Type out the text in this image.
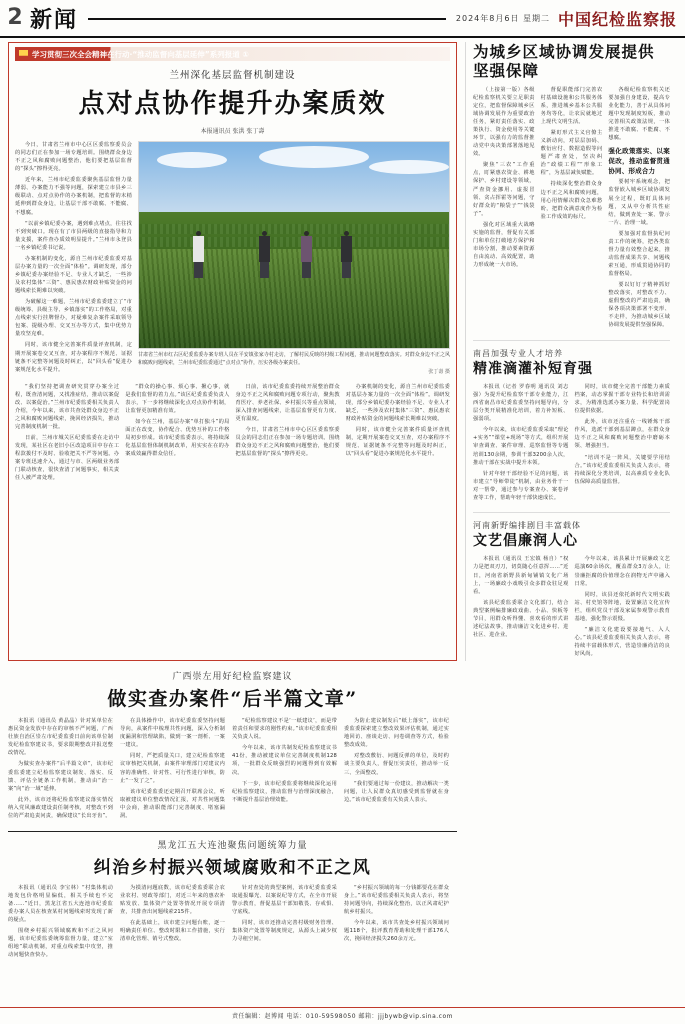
2 新闻	2024年8月6日 星期二 中国纪检监察报
学习贯彻三次全会精神在行动·“推动监督向基层延伸”系列报道 ①
兰州深化基层监督机制建设
点对点协作提升办案质效
本报通讯员 张洪 张丁壽

今日，甘肃省兰州市中心区区委监察委员会的同志们正在参加一场专题培训。围绕群众身边不正之风和腐败问题整治，他们要把基层监督的“探头”擦得更亮。

近年来，兰州市纪委监委聚焦基层监督力量薄弱、办案能力不强等问题，探索建立市县乡三级联动、点对点协作的办案机制，把监督的末梢延伸到群众身边，让基层干部不敢腐、不能腐、不想腐。

“以前乡镇纪委办案，遇到难点堵点，往往找不到突破口。现在有了市县两级的直接指导和力量支援，案件查办质效明显提升。”兰州市永登县一名乡镇纪委书记说。

办案机制的变化，源自兰州市纪委监委对基层办案力量的一次全面“体检”。调研发现，部分乡镇纪委办案经验不足、专业人才缺乏，一些涉及农村集体“三资”、惠民惠农财政补贴资金的问题线索长期难以突破。

为破解这一难题，兰州市纪委监委建立了“市级统筹、县级主导、乡镇落实”的工作格局，对重点线索实行挂牌督办，对疑难复杂案件采取领导包案、提级办理、交叉互办等方式，集中优势力量攻坚克难。

同时，该市健全完善案件质量评查机制，定期开展案卷交叉互查，对办案程序不规范、证据链条不完整等问题及时纠正，以“回头看”促进办案规范化水平提升。

甘肃省兰州市红古区纪委监委办案专班人员在平安镇张家寺村走访，了解村民反映的村级工程问题，推动问题整改落实。对群众身边不正之风和腐败问题线索，兰州市纪委监委通过“点对点”协作，压实各级办案责任。
张丁壽 摄

“我们坚持把调查研究贯穿办案全过程，既查清问题，又找准症结，推动以案促改、以案促治。”兰州市纪委监委相关负责人介绍，今年以来，该市共查处群众身边不正之风和腐败问题线索，挽回经济损失，推动完善制度机制一批。

日前，兰州市城关区纪委监委在走访中发现，某社区在老旧小区改造项目中存在工程款拨付不及时、验收把关不严等问题。办案专班迅速介入，通过与市、区两级业务部门联动核查，很快查清了问题事实，相关责任人被严肃处理。

“群众的操心事、烦心事、揪心事，就是我们监督的着力点。”该区纪委监委负责人表示，下一步将继续深化点对点协作机制，让监督更加精准有效。

如今在兰州，基层办案“单打独斗”的局面正在改变，协作配合、优势互补的工作格局初步形成。该市纪委监委表示，将持续深化基层监督体制机制改革，用实实在在的办案成效赢得群众信任。

日前，该市纪委监委持续开展整治群众身边不正之风和腐败问题专项行动，聚焦教育医疗、养老社保、乡村振兴等重点领域，深入排查问题线索，让基层监督更有力度、更有温度。

今日，甘肃省兰州市中心区区委监察委员会的同志们正在参加一场专题培训。围绕群众身边不正之风和腐败问题整治，他们要把基层监督的“探头”擦得更亮。

办案机制的变化，源自兰州市纪委监委对基层办案力量的一次全面“体检”。调研发现，部分乡镇纪委办案经验不足、专业人才缺乏，一些涉及农村集体“三资”、惠民惠农财政补贴资金的问题线索长期难以突破。

同时，该市健全完善案件质量评查机制，定期开展案卷交叉互查，对办案程序不规范、证据链条不完整等问题及时纠正，以“回头看”促进办案规范化水平提升。

为城乡区域协调发展提供坚强保障

（上接第一版）各级纪检监察机关要立足职责定位，把监督保障城乡区域协调发展作为重要政治任务，紧盯责任落实、政策执行、资金使用等关键环节，以强有力的监督推动党中央决策部署落地见效。

聚焦“三农”工作重点，盯紧惠农资金、耕地保护、乡村建设等领域，严查资金挪用、虚报冒领、贪占挥霍等问题，守好群众的“粮袋子”“钱袋子”。

强化对区域重大战略实施的监督，督促有关部门和单位打破地方保护和市场分割，推动要素资源自由流动、高效配置，助力形成统一大市场。

督促职能部门完善农村基础设施和公共服务体系，推进城乡基本公共服务均等化，让农民就地过上现代文明生活。

紧盯形式主义官僚主义新动向，对层层加码、敷衍应付、数据造假等问题严肃查处，坚决纠治“政绩工程”“形象工程”，为基层减负赋能。

持续深化整治群众身边不正之风和腐败问题，用心用情解决群众急难愁盼，把群众满意度作为检验工作成效的标尺。

各级纪检监察机关还要加强自身建设，提高专业化能力，善于从具体问题中发现制度短板，推动完善相关政策法规，一体推进不敢腐、不能腐、不想腐。

强化政策落实、以案促改，推动监督贯通协同、形成合力

要树牢系统观念，把监督嵌入城乡区域协调发展全过程，既盯具体问题，又从中分析共性症结，做到查处一案、警示一片、治理一域。

要加强对监督执纪问责工作的统筹，把各类监督力量有效整合起来，推动监督成果共享、问题线索互通，形成贯通协同的监督格局。

要以钉钉子精神抓好整改落实，对整改不力、虚假整改的严肃追责，确保各项决策部署不变形、不走样，为推动城乡区域协调发展提供坚强保障。

南昌加强专业人才培养
精准滴灌补短育强

本报讯（记者 罗春明 通讯员 刘志强）为提升纪检监察干部专业能力，江西省南昌市纪委监委坚持问题导向，分层分类开展精准化培训，着力补短板、强弱项。

今年以来，该市纪委监委采取“理论+实务”“课堂+现场”等方式，组织开展审查调查、案件审理、巡察监督等专题培训130余期，参训干部3200余人次，推动干部在实战中提升本领。

针对年轻干部经验不足的问题，该市建立“导师带徒”机制，由业务骨干一对一帮带，通过参与专案查办、案卷评查等工作，帮助年轻干部快速成长。

同时，该市健全完善干部能力素质档案，动态掌握干部专业特长和培训需求，为精准选派办案力量、科学配置岗位提供依据。

此外，该市还注重在一线锤炼干部作风，选派干部到基层蹲点，在群众身边不正之风和腐败问题整治中磨砺本领、增强担当。

“培训不是一阵风，关键要学用结合。”该市纪委监委相关负责人表示，将持续深化分类培训，以高素质专业化队伍保障高质量监督。

河南新野编排剧目丰富载体
文艺倡廉润人心

本报讯（通讯员 王宏镇 杨自）“权力是把双刃刀，切莫随心任意挥……”近日，河南省新野县新甸铺镇文化广场上，一场廉政小戏吸引众多群众驻足观看。

该县纪委监委联合文化部门，结合典型案例编排廉政戏曲、小品、快板等节目，用群众听得懂、喜欢看的形式讲述纪法故事，推动廉洁文化进乡村、进社区、进企业。

今年以来，该县累计开展廉政文艺巡演60余场次，覆盖群众3万余人，让崇廉拒腐的价值理念在润物无声中融入日常。

同时，该县还依托新时代文明实践站、村史馆等阵地，设置廉洁文化宣传栏，组织党员干部及家属参观警示教育基地，强化警示震慑。

“廉洁文化建设要接地气、入人心。”该县纪委监委相关负责人表示，将持续丰富载体形式，营造崇廉尚洁的良好风尚。

广西崇左用好纪检监察建议
做实查办案件“后半篇文章”

本报讯（通讯员 黄晶晶）针对某单位在惠民资金发放中存在的审核不严问题，广西壮族自治区崇左市纪委监委日前向该单位制发纪检监察建议书，要求限期整改并报送整改情况。

为做实查办案件“后半篇文章”，该市纪委监委建立纪检监察建议制发、落实、反馈、评估全链条工作机制，推动由“治一案”向“治一域”延伸。

此外，该市还将纪检监察建议落实情况纳入党风廉政建设责任制考核，对整改不到位的严肃追责问责，确保建议“长出牙齿”。

在具体操作中，该市纪委监委坚持问题导向，从案件中梳理共性问题，深入分析制度漏洞和管理缺陷，做到一案一剖析、一案一建议。

同时，严把质量关口，建立纪检监察建议审核把关机制，由案件审理部门对建议内容的准确性、针对性、可行性进行审核，防止“一发了之”。

该市纪委监委还定期召开联席会议，听取被建议单位整改情况汇报，对共性问题集中会商，推动职能部门完善制度、堵塞漏洞。

“纪检监察建议不是‘一纸建议’，而是带着责任和要求的刚性约束。”该市纪委监委相关负责人说。

今年以来，该市共制发纪检监察建议书41份，推动被建议单位完善制度机制128项，一批群众反映强烈的问题得到有效解决。

下一步，该市纪委监委将继续深化运用纪检监察建议，推动监督与治理深度融合，不断提升基层治理效能。

为防止建议制发后“纸上落实”，该市纪委监委探索建立整改效果评估机制，通过实地回访、座谈走访、问卷调查等方式，检验整改成效。

对整改敷衍、问题反弹的单位，及时约谈主要负责人，督促压实责任，推动举一反三、全面整改。

“我们要通过每一份建议，推动解决一类问题，让人民群众真切感受到监督就在身边。”该市纪委监委有关负责人表示。

黑龙江五大连池聚焦问题统筹力量
纠治乡村振兴领域腐败和不正之风

本报讯（通讯员 李宝林）“村集体机动地发包价格明显偏低，相关手续也不完备……”近日，黑龙江省五大连池市纪委监委办案人员在核查某村问题线索时发现了新的疑点。

围绕乡村振兴领域腐败和不正之风问题，该市纪委监委统筹监督力量，建立“室组地”联动机制，对重点线索集中攻坚，推动问题快查快办。

为摸清问题底数，该市纪委监委联合农业农村、财政等部门，对近三年来的惠农补贴发放、集体资产处置等情况开展专项清查，共排查出问题线索215件。

在此基础上，该市建立问题台账，逐一明确责任单位、整改时限和工作措施，实行清单化管理、销号式整改。

针对查处的典型案例，该市纪委监委采取通报曝光、以案说纪等方式，在全市开展警示教育，督促基层干部知敬畏、存戒惧、守底线。

同时，该市还推动完善村级财务管理、集体资产处置等制度规定，从源头上减少权力寻租空间。

“乡村振兴领域的每一分钱都要花在群众身上。”该市纪委监委相关负责人表示，将坚持问题导向，持续深化整治，以正风肃纪护航乡村振兴。

今年以来，该市共查处乡村振兴领域问题118个，批评教育帮助和处理干部176人次，挽回经济损失260余万元。

责任编辑：赵博闻 电话：010-59598050 邮箱：jjjbywb@vip.sina.com
